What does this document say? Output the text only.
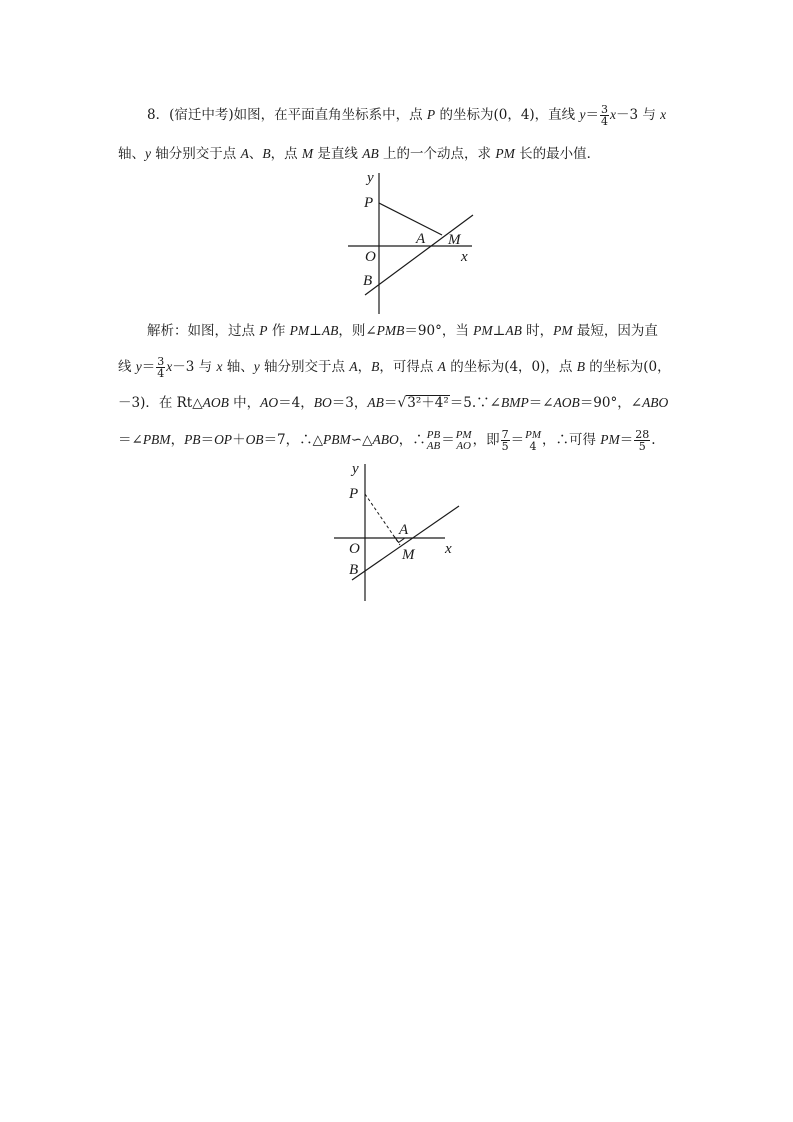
8．(宿迁中考)如图，在平面直角坐标系中，点 P 的坐标为(0，4)，直线 $y= \frac{3}{4} x-3$ 与 x
轴、y 轴分别交于点 A、B，点 M 是直线 AB 上的一个动点，求 PM 长的最小值．
y
P
A M
O	x
B
解析：如图，过点 P 作 PM⊥AB，则∠PMB＝90°，当 PM⊥AB 时，PM 最短，因为直
线 $y= \frac{3}{4} x-3$ 与 x 轴、y 轴分别交于点 A，B，可得点 A 的坐标为(4，0)，点 B 的坐标为(0，
－3)．在 Rt△AOB 中，AO＝4，BO＝3，AB＝√3²＋4²＝5.∵∠BMP＝∠AOB＝90°，∠ABO
＝∠PBM，PB＝OP＋OB＝7，∴△PBM∽△ABO，∴ PB
AB ＝ PM
AO ，即 $\frac{7}{5}$ ＝ PM
4 ，∴可得 $PM= \frac{28}{5}$ .
y
P
A
O	x
M
B
